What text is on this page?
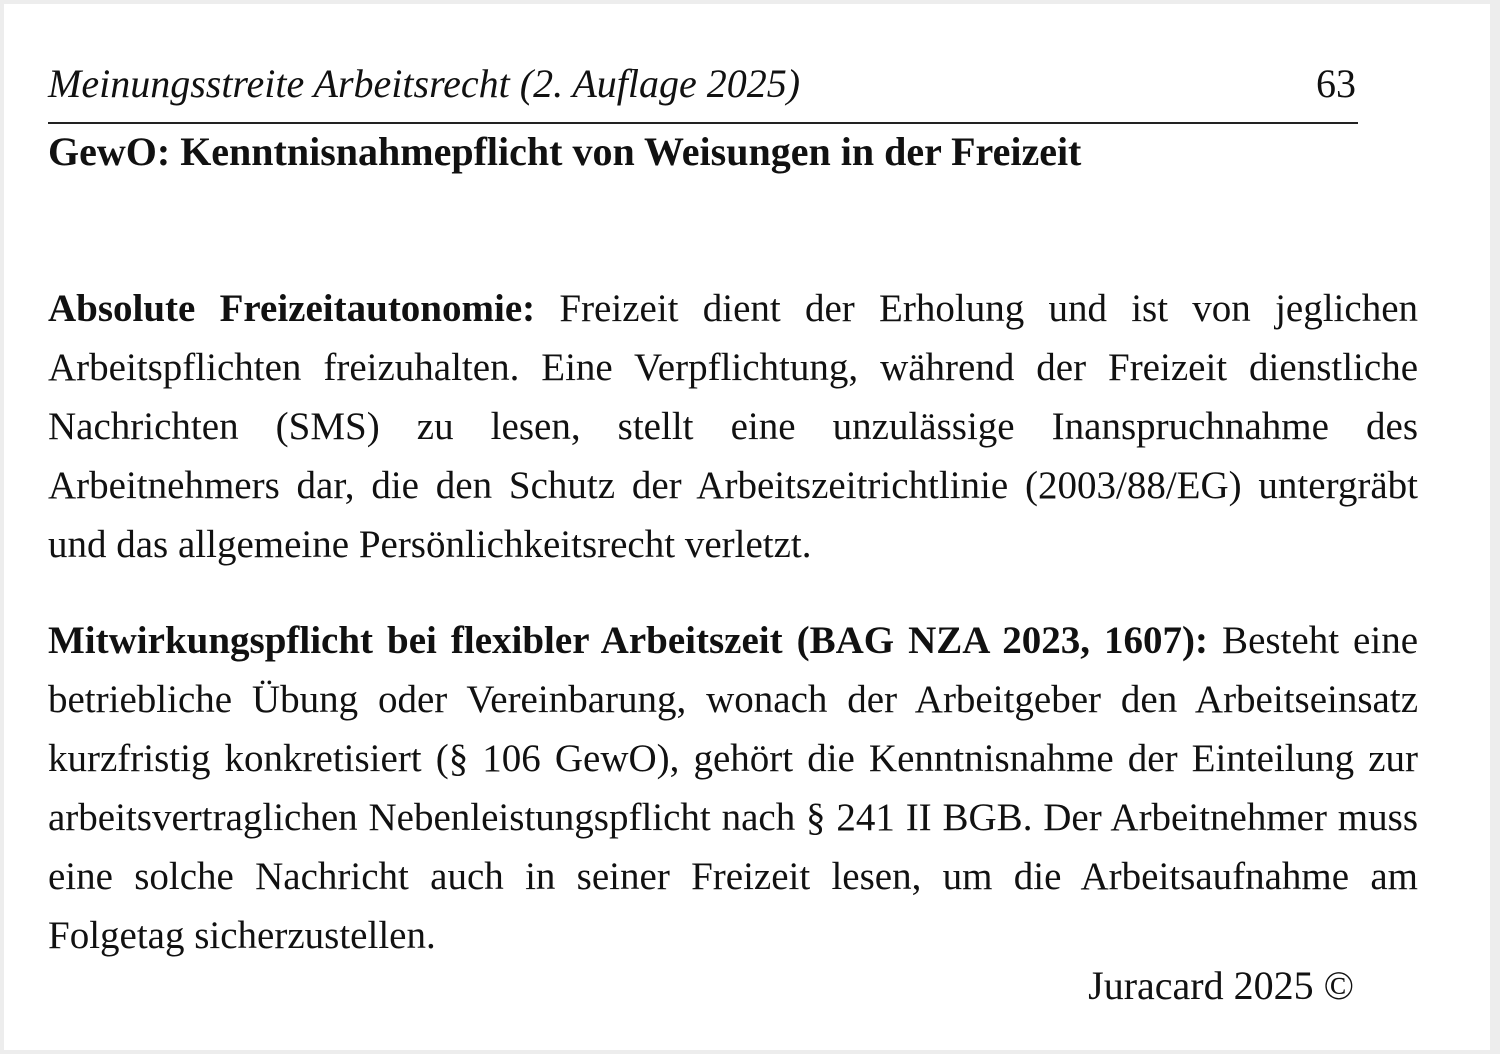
Meinungsstreite Arbeitsrecht (2. Auflage 2025)	63
GewO: Kenntnisnahmepflicht von Weisungen in der Freizeit

Absolute Freizeitautonomie: Freizeit dient der Erholung und ist von jeglichen Arbeitspflichten freizuhalten. Eine Verpflichtung, während der Freizeit dienstliche Nachrichten (SMS) zu lesen, stellt eine unzulässige Inanspruchnahme des Arbeitnehmers dar, die den Schutz der Arbeitszeitrichtlinie (2003/88/EG) untergräbt und das allgemeine Persönlichkeitsrecht verletzt.

Mitwirkungspflicht bei flexibler Arbeitszeit (BAG NZA 2023, 1607): Besteht eine betriebliche Übung oder Vereinbarung, wonach der Arbeitgeber den Arbeitseinsatz kurzfristig konkretisiert (§ 106 GewO), gehört die Kenntnisnahme der Einteilung zur arbeitsvertraglichen Nebenleistungspflicht nach § 241 II BGB. Der Arbeitnehmer muss eine solche Nachricht auch in seiner Freizeit lesen, um die Arbeitsaufnahme am Folgetag sicherzustellen.

Juracard 2025 ©
